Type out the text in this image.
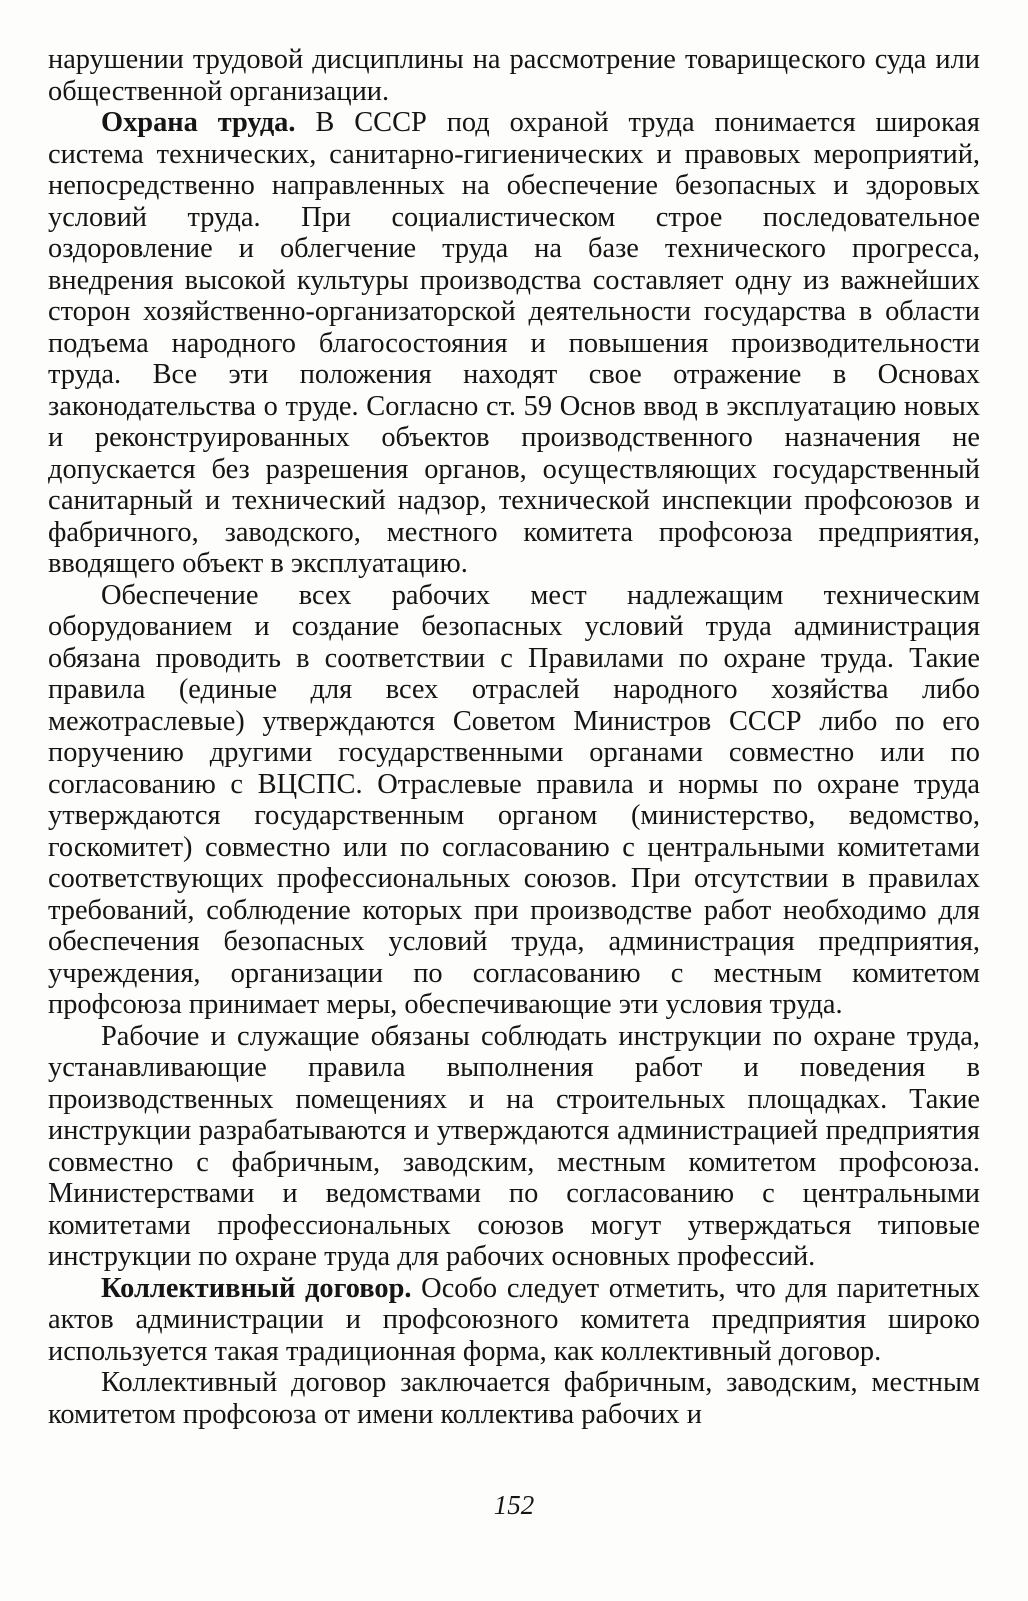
нарушении трудовой дисциплины на рассмотрение товарищеского суда или общественной организации.

Охрана труда. В СССР под охраной труда понимается широкая система технических, санитарно-гигиенических и правовых мероприятий, непосредственно направленных на обеспечение безопасных и здоровых условий труда. При социалистическом строе последовательное оздоровление и облегчение труда на базе технического прогресса, внедрения высокой культуры производства составляет одну из важнейших сторон хозяйственно-организаторской деятельности государства в области подъема народного благосостояния и повышения производительности труда. Все эти положения находят свое отражение в Основах законодательства о труде. Согласно ст. 59 Основ ввод в эксплуатацию новых и реконструированных объектов производственного назначения не допускается без разрешения органов, осуществляющих государственный санитарный и технический надзор, технической инспекции профсоюзов и фабричного, заводского, местного комитета профсоюза предприятия, вводящего объект в эксплуатацию.

Обеспечение всех рабочих мест надлежащим техническим оборудованием и создание безопасных условий труда администрация обязана проводить в соответствии с Правилами по охране труда. Такие правила (единые для всех отраслей народного хозяйства либо межотраслевые) утверждаются Советом Министров СССР либо по его поручению другими государственными органами совместно или по согласованию с ВЦСПС. Отраслевые правила и нормы по охране труда утверждаются государственным органом (министерство, ведомство, госкомитет) совместно или по согласованию с центральными комитетами соответствующих профессиональных союзов. При отсутствии в правилах требований, соблюдение которых при производстве работ необходимо для обеспечения безопасных условий труда, администрация предприятия, учреждения, организации по согласованию с местным комитетом профсоюза принимает меры, обеспечивающие эти условия труда.

Рабочие и служащие обязаны соблюдать инструкции по охране труда, устанавливающие правила выполнения работ и поведения в производственных помещениях и на строительных площадках. Такие инструкции разрабатываются и утверждаются администрацией предприятия совместно с фабричным, заводским, местным комитетом профсоюза. Министерствами и ведомствами по согласованию с центральными комитетами профессиональных союзов могут утверждаться типовые инструкции по охране труда для рабочих основных профессий.

Коллективный договор. Особо следует отметить, что для паритетных актов администрации и профсоюзного комитета предприятия широко используется такая традиционная форма, как коллективный договор.

Коллективный договор заключается фабричным, заводским, местным комитетом профсоюза от имени коллектива рабочих и

152
